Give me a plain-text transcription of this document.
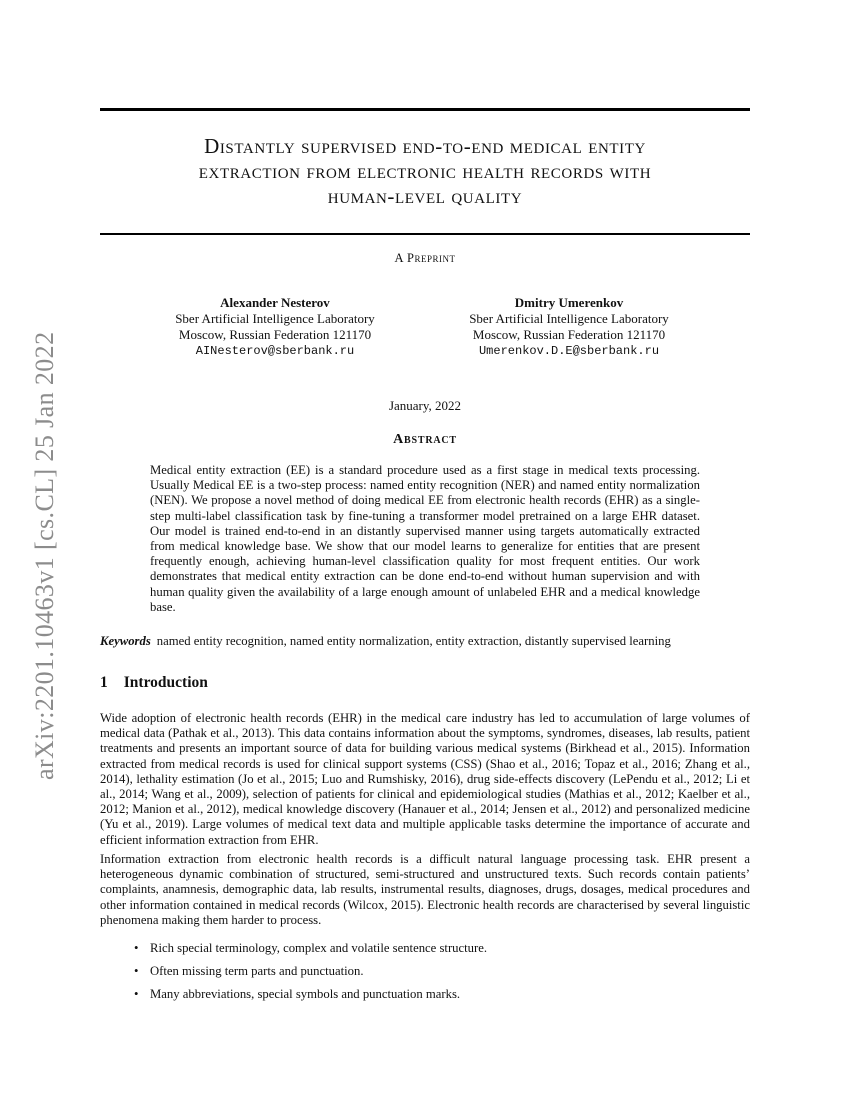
arXiv:2201.10463v1 [cs.CL] 25 Jan 2022
Distantly supervised end-to-end medical entity
extraction from electronic health records with
human-level quality
A Preprint
Alexander Nesterov
Sber Artificial Intelligence Laboratory
Moscow, Russian Federation 121170
AINesterov@sberbank.ru
Dmitry Umerenkov
Sber Artificial Intelligence Laboratory
Moscow, Russian Federation 121170
Umerenkov.D.E@sberbank.ru
January, 2022
Abstract
Medical entity extraction (EE) is a standard procedure used as a first stage in medical texts processing. Usually Medical EE is a two-step process: named entity recognition (NER) and named entity normalization (NEN). We propose a novel method of doing medical EE from electronic health records (EHR) as a single-step multi-label classification task by fine-tuning a transformer model pretrained on a large EHR dataset. Our model is trained end-to-end in an distantly supervised manner using targets automatically extracted from medical knowledge base. We show that our model learns to generalize for entities that are present frequently enough, achieving human-level classification quality for most frequent entities. Our work demonstrates that medical entity extraction can be done end-to-end without human supervision and with human quality given the availability of a large enough amount of unlabeled EHR and a medical knowledge base.
Keywords named entity recognition, named entity normalization, entity extraction, distantly supervised learning
1 Introduction
Wide adoption of electronic health records (EHR) in the medical care industry has led to accumulation of large volumes of medical data (Pathak et al., 2013). This data contains information about the symptoms, syndromes, diseases, lab results, patient treatments and presents an important source of data for building various medical systems (Birkhead et al., 2015). Information extracted from medical records is used for clinical support systems (CSS) (Shao et al., 2016; Topaz et al., 2016; Zhang et al., 2014), lethality estimation (Jo et al., 2015; Luo and Rumshisky, 2016), drug side-effects discovery (LePendu et al., 2012; Li et al., 2014; Wang et al., 2009), selection of patients for clinical and epidemiological studies (Mathias et al., 2012; Kaelber et al., 2012; Manion et al., 2012), medical knowledge discovery (Hanauer et al., 2014; Jensen et al., 2012) and personalized medicine (Yu et al., 2019). Large volumes of medical text data and multiple applicable tasks determine the importance of accurate and efficient information extraction from EHR.
Information extraction from electronic health records is a difficult natural language processing task. EHR present a heterogeneous dynamic combination of structured, semi-structured and unstructured texts. Such records contain patients’ complaints, anamnesis, demographic data, lab results, instrumental results, diagnoses, drugs, dosages, medical procedures and other information contained in medical records (Wilcox, 2015). Electronic health records are characterised by several linguistic phenomena making them harder to process.
• Rich special terminology, complex and volatile sentence structure.
• Often missing term parts and punctuation.
• Many abbreviations, special symbols and punctuation marks.
